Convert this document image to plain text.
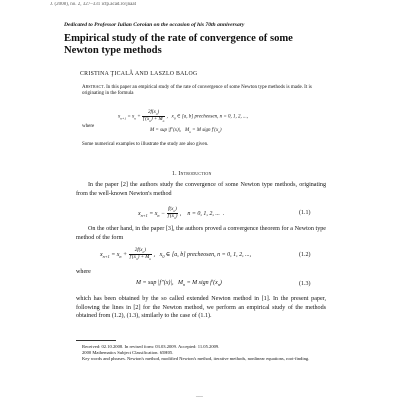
J. (2008), no. 2, 327–331 ictp.acad.ro/jnaat
Dedicated to Professor Iulian Coroian on the occasion of his 70th anniversary
Empirical study of the rate of convergence of some Newton type methods
CRISTINA ŢICALĂ AND LASZLO BALOG
Abstract. In this paper an empirical study of the rate of convergence of some Newton type methods is made. It is originating in the formula
$x_{n+1} = x_n + \frac{2f(x_n)}{f'(x_n) + M_n}$ ,   $x_0$ ∈ [a, b] precheosen, n = 0, 1, 2, ...,
where
M = sup |f″(x)|,   $M_n = M$ sign $f'(x_n)$
Some numerical examples to illustrate the study are also given.
1. Introduction
In the paper [2] the authors study the convergence of some Newton type methods, originating from the well-known Newton's method
$x_{n+1} = x_n - \frac{f(x_n)}{f'(x_n)}$ ,    n = 0, 1, 2, ...  .	(1.1)
On the other hand, in the paper [3], the authors proved a convergence theorem for a Newton type method of the form
$x_{n+1} = x_n + \frac{2f(x_n)}{f'(x_n) + M_n}$ ,   $x_0$ ∈ [a, b] precheosen, n = 0, 1, 2, ...,	(1.2)
where
M = sup |f″(x)|,   $M_n = M$ sign $f'(x_n)$	(1.3)
which has been obtained by the so called extended Newton method in [1]. In the present paper, following the lines in [2] for the Newton method, we perform an empirical study of the methods obtained from (1.2), (1.3), similarly to the case of (1.1).
Received: 02.10.2008. In revised form: 03.03.2009. Accepted: 11.05.2009.
2000 Mathematics Subject Classification. 65H05.
Key words and phrases. Newton's method, modified Newton's method, iterative methods, nonlinear equations, root-finding.
___
